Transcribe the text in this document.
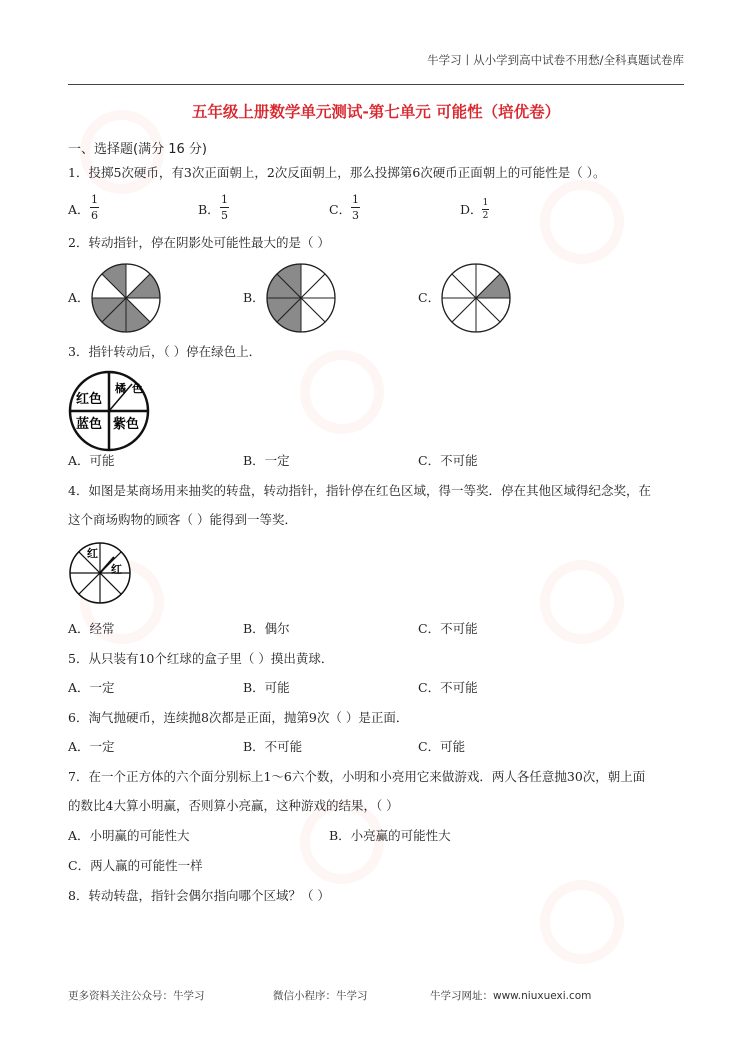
牛学习丨从小学到高中试卷不用愁/全科真题试卷库
五年级上册数学单元测试-第七单元 可能性（培优卷）
一、选择题(满分 16 分)
1．投掷5次硬币，有3次正面朝上，2次反面朝上，那么投掷第6次硬币正面朝上的可能性是（ ）。
A．
1
6	B．
1
5	C．
1
3	D． 1
2
2．转动指针，停在阴影处可能性最大的是（ ）
A．	B．	C．
3．指针转动后，（ ）停在绿色上．
红色
橘色
蓝色 紫色
A．可能	B．一定	C．不可能
4．如图是某商场用来抽奖的转盘，转动指针，指针停在红色区域，得一等奖．停在其他区域得纪念奖，在
这个商场购物的顾客（ ）能得到一等奖．
红
红
A．经常	B．偶尔	C．不可能
5．从只装有10个红球的盒子里（ ）摸出黄球．
A．一定	B．可能	C．不可能
6．淘气抛硬币，连续抛8次都是正面，抛第9次（ ）是正面．
A．一定	B．不可能	C．可能
7．在一个正方体的六个面分别标上1～6六个数，小明和小亮用它来做游戏．两人各任意抛30次，朝上面
的数比4大算小明赢，否则算小亮赢，这种游戏的结果，（ ）
A．小明赢的可能性大	B．小亮赢的可能性大
C．两人赢的可能性一样
8．转动转盘，指针会偶尔指向哪个区域？（ ）
更多资料关注公众号：牛学习	微信小程序：牛学习	牛学习网址：www.niuxuexi.com
